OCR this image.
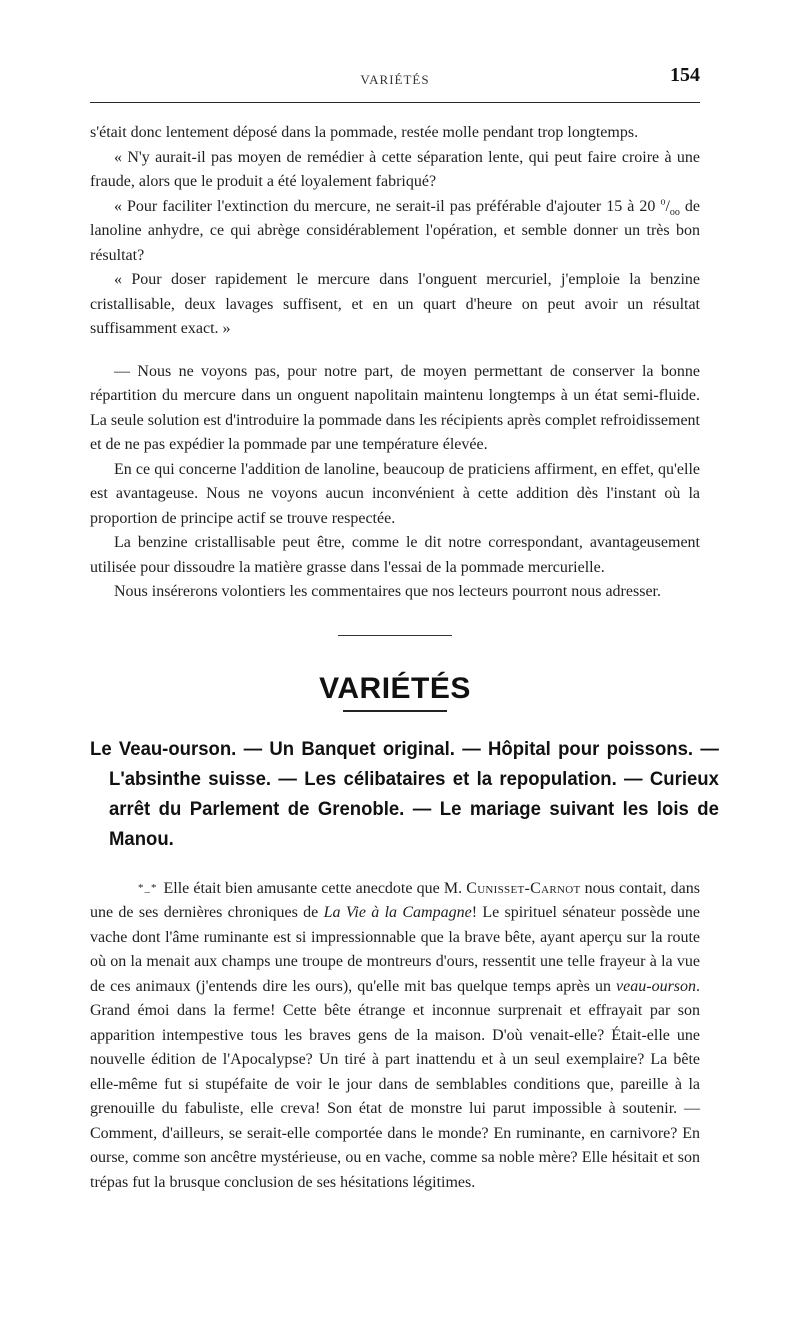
VARIÉTÉS	154

s'était donc lentement déposé dans la pommade, restée molle pendant trop longtemps.

« N'y aurait-il pas moyen de remédier à cette séparation lente, qui peut faire croire à une fraude, alors que le produit a été loyalement fabriqué?

« Pour faciliter l'extinction du mercure, ne serait-il pas préférable d'ajouter 15 à 20 $^o/_{oo}$ de lanoline anhydre, ce qui abrège considérablement l'opération, et semble donner un très bon résultat?

« Pour doser rapidement le mercure dans l'onguent mercuriel, j'emploie la benzine cristallisable, deux lavages suffisent, et en un quart d'heure on peut avoir un résultat suffisamment exact. »

— Nous ne voyons pas, pour notre part, de moyen permettant de conserver la bonne répartition du mercure dans un onguent napolitain maintenu longtemps à un état semi-fluide. La seule solution est d'introduire la pommade dans les récipients après complet refroidissement et de ne pas expédier la pommade par une température élevée.

En ce qui concerne l'addition de lanoline, beaucoup de praticiens affirment, en effet, qu'elle est avantageuse. Nous ne voyons aucun inconvénient à cette addition dès l'instant où la proportion de principe actif se trouve respectée.

La benzine cristallisable peut être, comme le dit notre correspondant, avantageusement utilisée pour dissoudre la matière grasse dans l'essai de la pommade mercurielle.

Nous insérerons volontiers les commentaires que nos lecteurs pourront nous adresser.

VARIÉTÉS
Le Veau-ourson. — Un Banquet original. — Hôpital pour poissons. — L'absinthe suisse. — Les célibataires et la repopulation. — Curieux arrêt du Parlement de Grenoble. — Le mariage suivant les lois de Manou.

*_* Elle était bien amusante cette anecdote que M. Cunisset-Carnot nous contait, dans une de ses dernières chroniques de La Vie à la Campagne! Le spirituel sénateur possède une vache dont l'âme ruminante est si impressionnable que la brave bête, ayant aperçu sur la route où on la menait aux champs une troupe de montreurs d'ours, ressentit une telle frayeur à la vue de ces animaux (j'entends dire les ours), qu'elle mit bas quelque temps après un veau-ourson. Grand émoi dans la ferme! Cette bête étrange et inconnue surprenait et effrayait par son apparition intempestive tous les braves gens de la maison. D'où venait-elle? Était-elle une nouvelle édition de l'Apocalypse? Un tiré à part inattendu et à un seul exemplaire? La bête elle-même fut si stupéfaite de voir le jour dans de semblables conditions que, pareille à la grenouille du fabuliste, elle creva! Son état de monstre lui parut impossible à soutenir. — Comment, d'ailleurs, se serait-elle comportée dans le monde? En ruminante, en carnivore? En ourse, comme son ancêtre mystérieuse, ou en vache, comme sa noble mère? Elle hésitait et son trépas fut la brusque conclusion de ses hésitations légitimes.
